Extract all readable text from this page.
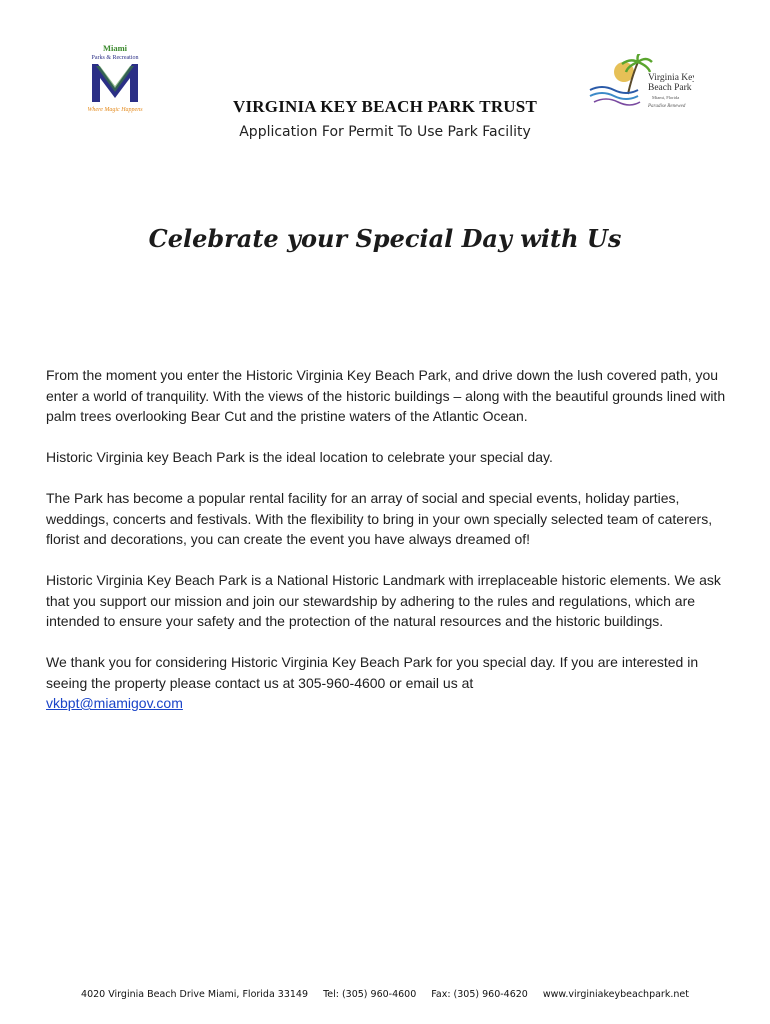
Miami
Parks & Recreation
Where Magic Happens
Virginia Key
Beach Park
Miami, Florida
Paradise Renewed
VIRGINIA KEY BEACH PARK TRUST
Application For Permit To Use Park Facility
Celebrate your Special Day with Us

From the moment you enter the Historic Virginia Key Beach Park, and drive down the lush covered path, you enter a world of tranquility. With the views of the historic buildings – along with the beautiful grounds lined with palm trees overlooking Bear Cut and the pristine waters of the Atlantic Ocean.

Historic Virginia key Beach Park is the ideal location to celebrate your special day.

The Park has become a popular rental facility for an array of social and special events, holiday parties, weddings, concerts and festivals. With the flexibility to bring in your own specially selected team of caterers, florist and decorations, you can create the event you have always dreamed of!

Historic Virginia Key Beach Park is a National Historic Landmark with irreplaceable historic elements. We ask that you support our mission and join our stewardship by adhering to the rules and regulations, which are intended to ensure your safety and the protection of the natural resources and the historic buildings.

We thank you for considering Historic Virginia Key Beach Park for you special day. If you are interested in seeing the property please contact us at 305-960-4600 or email us at
vkbpt@miamigov.com

4020 Virginia Beach Drive Miami, Florida 33149 Tel: (305) 960-4600 Fax: (305) 960-4620 www.virginiakeybeachpark.net
